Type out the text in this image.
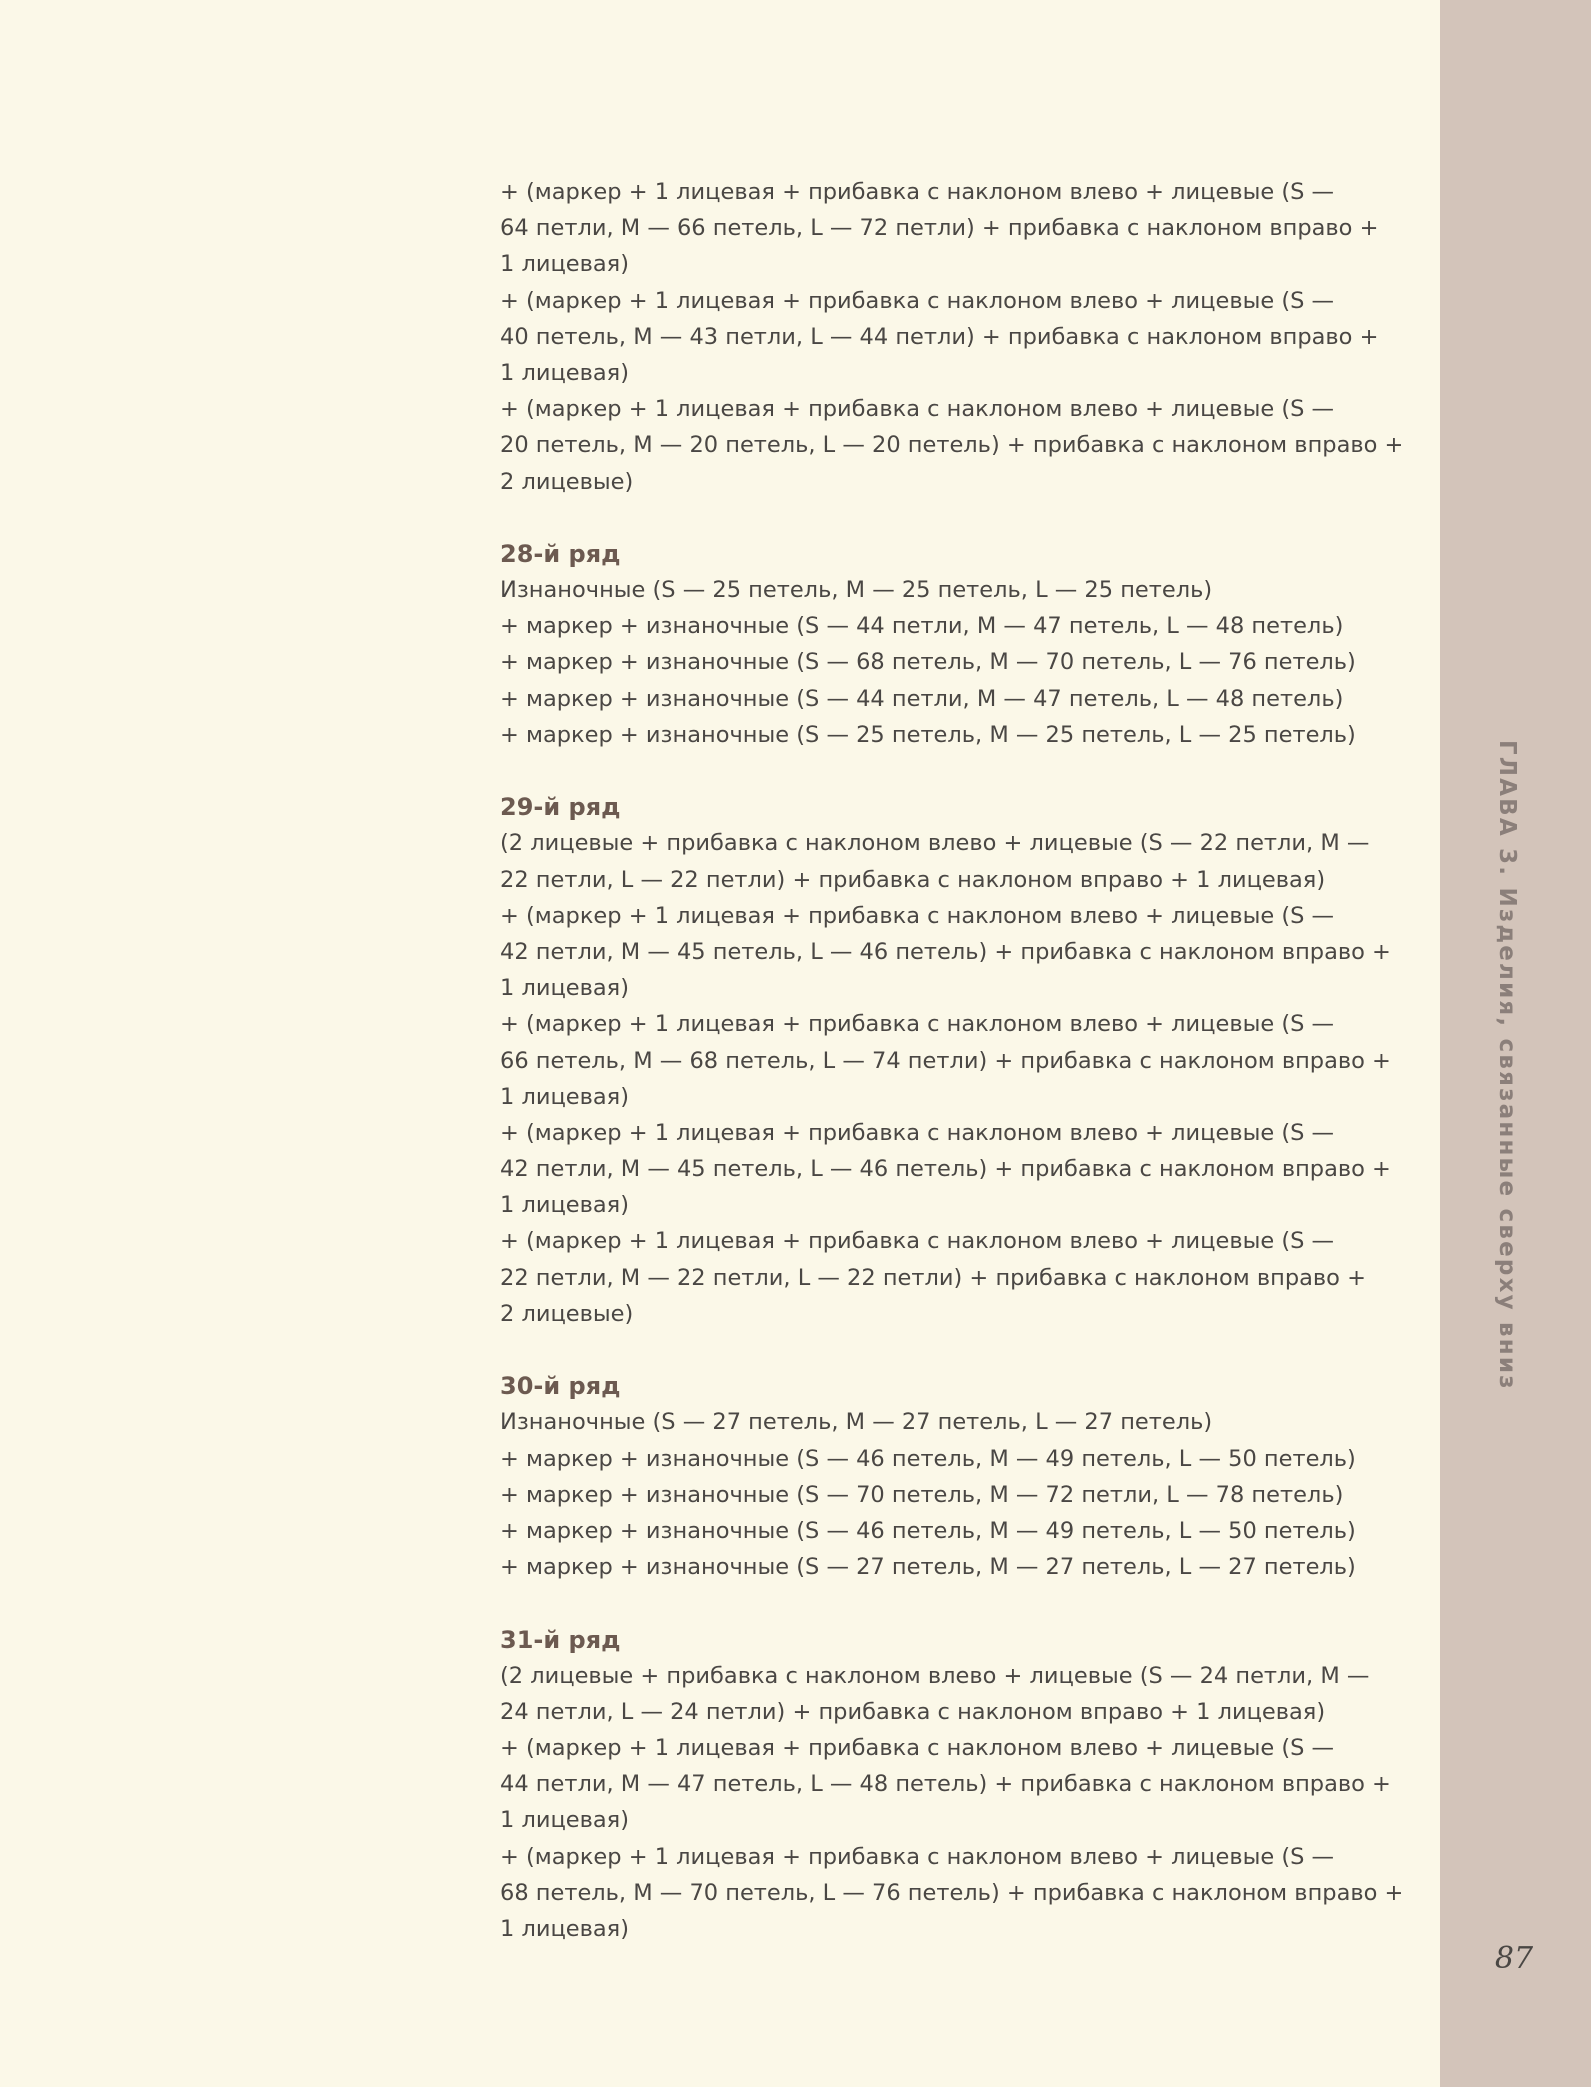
ГЛАВА 3. Изделия, связанные сверху вниз
87
+ (маркер + 1 лицевая + прибавка с наклоном влево + лицевые (S —
64 петли, M — 66 петель, L — 72 петли) + прибавка с наклоном вправо +
1 лицевая)
+ (маркер + 1 лицевая + прибавка с наклоном влево + лицевые (S —
40 петель, M — 43 петли, L — 44 петли) + прибавка с наклоном вправо +
1 лицевая)
+ (маркер + 1 лицевая + прибавка с наклоном влево + лицевые (S —
20 петель, M — 20 петель, L — 20 петель) + прибавка с наклоном вправо +
2 лицевые)
28-й ряд
Изнаночные (S — 25 петель, M — 25 петель, L — 25 петель)
+ маркер + изнаночные (S — 44 петли, M — 47 петель, L — 48 петель)
+ маркер + изнаночные (S — 68 петель, M — 70 петель, L — 76 петель)
+ маркер + изнаночные (S — 44 петли, M — 47 петель, L — 48 петель)
+ маркер + изнаночные (S — 25 петель, M — 25 петель, L — 25 петель)
29-й ряд
(2 лицевые + прибавка с наклоном влево + лицевые (S — 22 петли, M —
22 петли, L — 22 петли) + прибавка с наклоном вправо + 1 лицевая)
+ (маркер + 1 лицевая + прибавка с наклоном влево + лицевые (S —
42 петли, M — 45 петель, L — 46 петель) + прибавка с наклоном вправо +
1 лицевая)
+ (маркер + 1 лицевая + прибавка с наклоном влево + лицевые (S —
66 петель, M — 68 петель, L — 74 петли) + прибавка с наклоном вправо +
1 лицевая)
+ (маркер + 1 лицевая + прибавка с наклоном влево + лицевые (S —
42 петли, M — 45 петель, L — 46 петель) + прибавка с наклоном вправо +
1 лицевая)
+ (маркер + 1 лицевая + прибавка с наклоном влево + лицевые (S —
22 петли, M — 22 петли, L — 22 петли) + прибавка с наклоном вправо +
2 лицевые)
30-й ряд
Изнаночные (S — 27 петель, M — 27 петель, L — 27 петель)
+ маркер + изнаночные (S — 46 петель, M — 49 петель, L — 50 петель)
+ маркер + изнаночные (S — 70 петель, M — 72 петли, L — 78 петель)
+ маркер + изнаночные (S — 46 петель, M — 49 петель, L — 50 петель)
+ маркер + изнаночные (S — 27 петель, M — 27 петель, L — 27 петель)
31-й ряд
(2 лицевые + прибавка с наклоном влево + лицевые (S — 24 петли, M —
24 петли, L — 24 петли) + прибавка с наклоном вправо + 1 лицевая)
+ (маркер + 1 лицевая + прибавка с наклоном влево + лицевые (S —
44 петли, M — 47 петель, L — 48 петель) + прибавка с наклоном вправо +
1 лицевая)
+ (маркер + 1 лицевая + прибавка с наклоном влево + лицевые (S —
68 петель, M — 70 петель, L — 76 петель) + прибавка с наклоном вправо +
1 лицевая)
